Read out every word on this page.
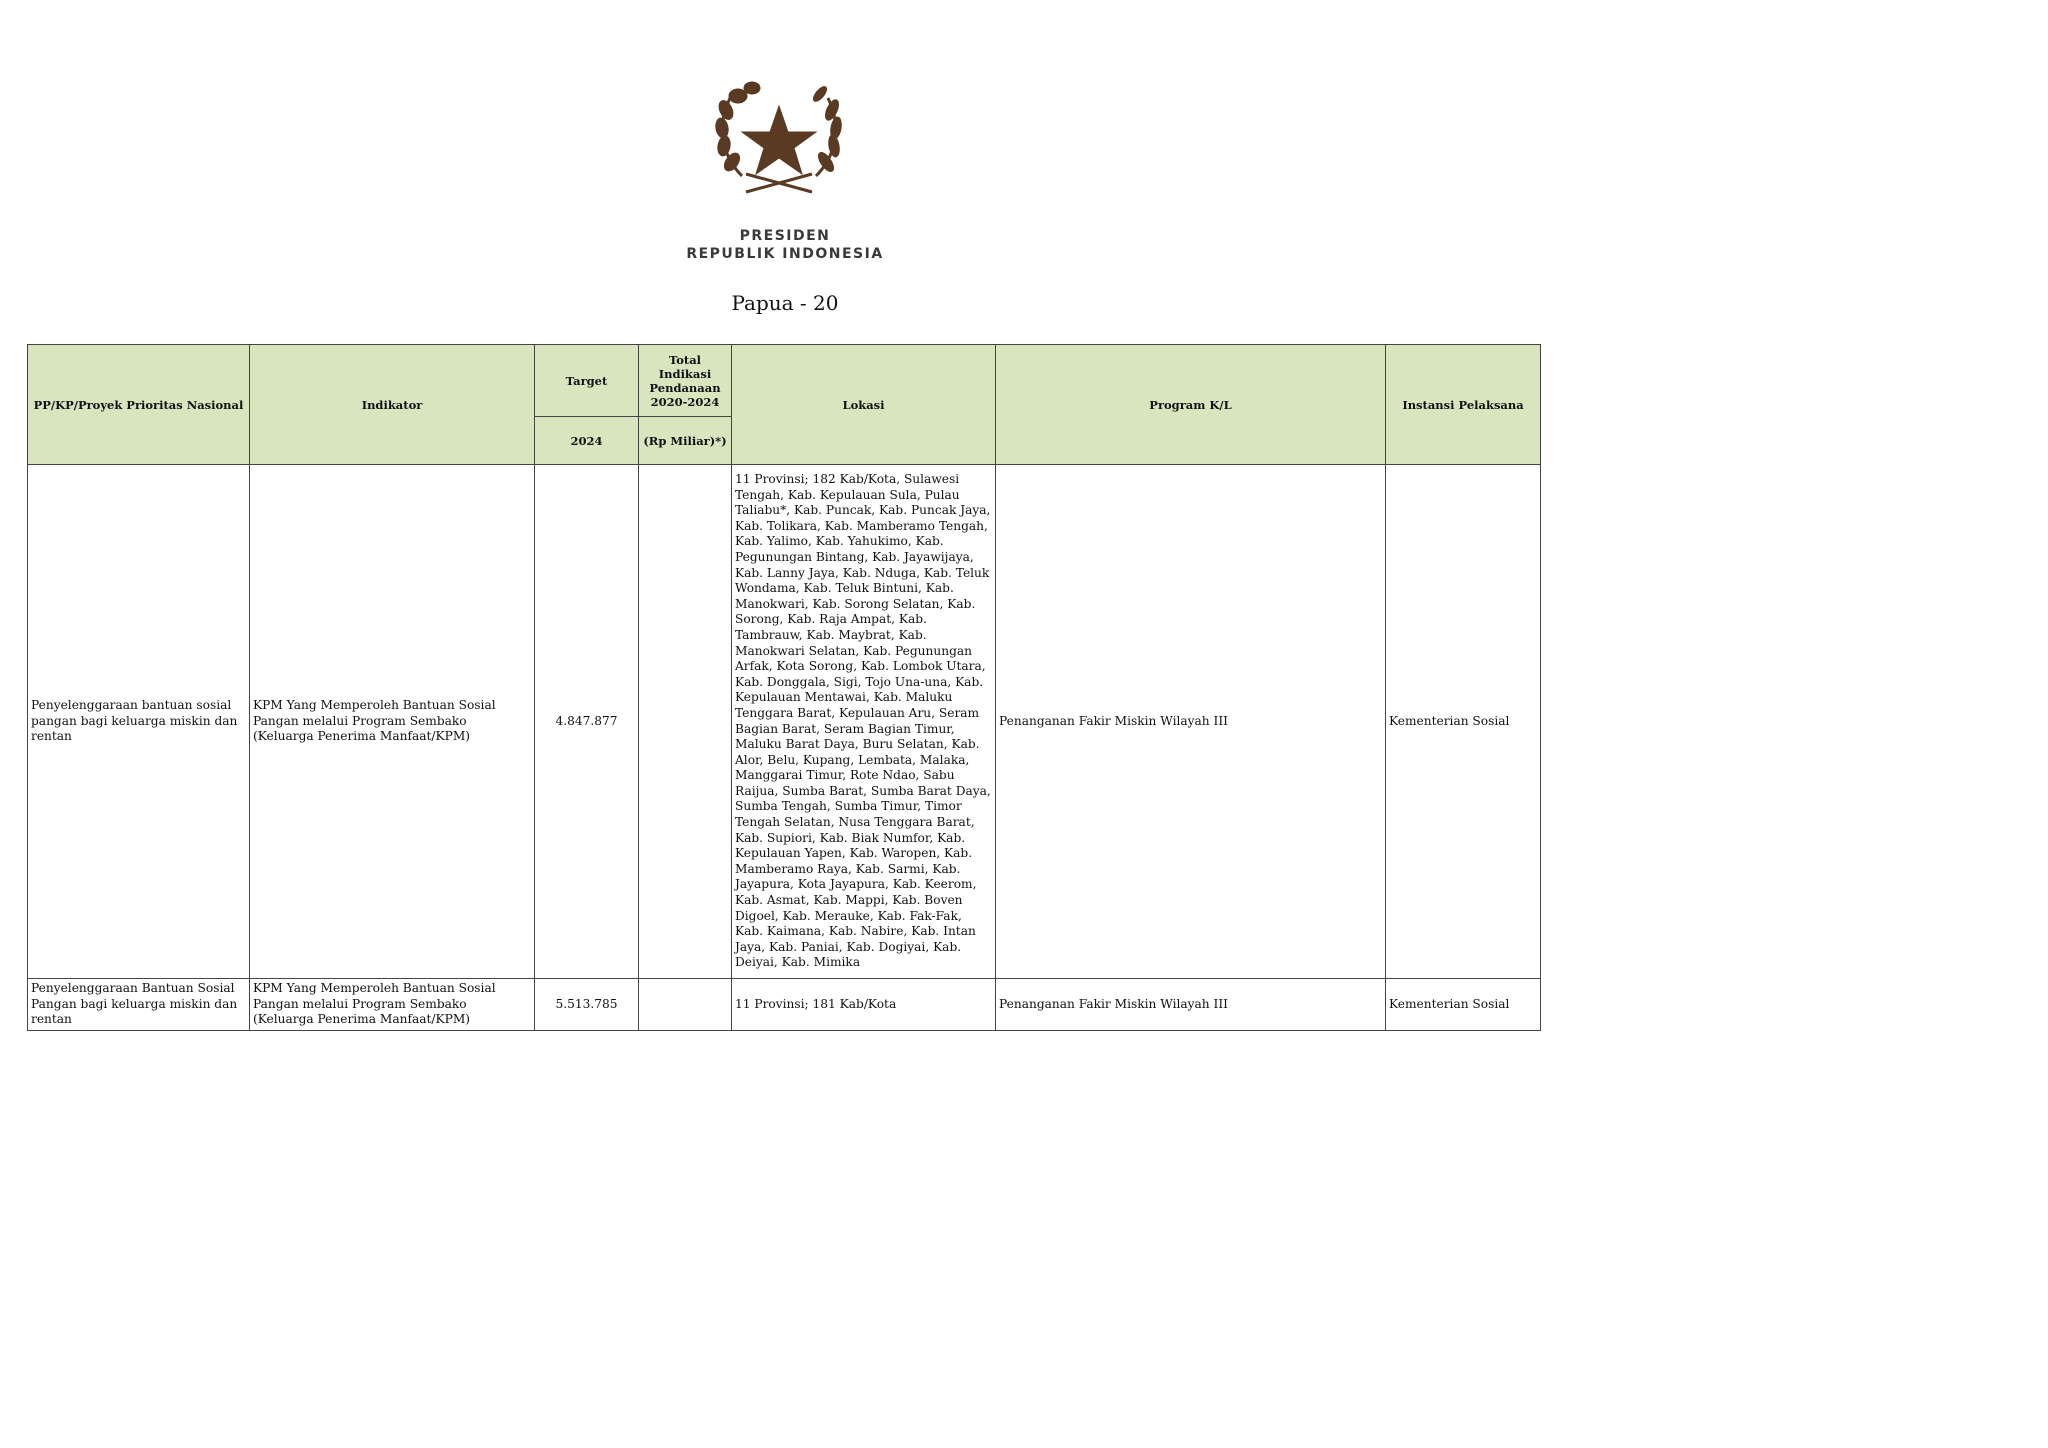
PRESIDEN
REPUBLIK INDONESIA
Papua - 20
PP/KP/Proyek Prioritas Nasional	Indikator	Target	Total Indikasi Pendanaan 2020-2024	Lokasi	Program K/L	Instansi Pelaksana
		2024	(Rp Miliar)*)			
Penyelenggaraan bantuan sosial pangan bagi keluarga miskin dan rentan	KPM Yang Memperoleh Bantuan Sosial Pangan melalui Program Sembako (Keluarga Penerima Manfaat/KPM)	4.847.877		11 Provinsi; 182 Kab/Kota, Sulawesi Tengah, Kab. Kepulauan Sula, Pulau Taliabu*, Kab. Puncak, Kab. Puncak Jaya, Kab. Tolikara, Kab. Mamberamo Tengah, Kab. Yalimo, Kab. Yahukimo, Kab. Pegunungan Bintang, Kab. Jayawijaya, Kab. Lanny Jaya, Kab. Nduga, Kab. Teluk Wondama, Kab. Teluk Bintuni, Kab. Manokwari, Kab. Sorong Selatan, Kab. Sorong, Kab. Raja Ampat, Kab. Tambrauw, Kab. Maybrat, Kab. Manokwari Selatan, Kab. Pegunungan Arfak, Kota Sorong, Kab. Lombok Utara, Kab. Donggala, Sigi, Tojo Una-una, Kab. Kepulauan Mentawai, Kab. Maluku Tenggara Barat, Kepulauan Aru, Seram Bagian Barat, Seram Bagian Timur, Maluku Barat Daya, Buru Selatan, Kab. Alor, Belu, Kupang, Lembata, Malaka, Manggarai Timur, Rote Ndao, Sabu Raijua, Sumba Barat, Sumba Barat Daya, Sumba Tengah, Sumba Timur, Timor Tengah Selatan, Nusa Tenggara Barat, Kab. Supiori, Kab. Biak Numfor, Kab. Kepulauan Yapen, Kab. Waropen, Kab. Mamberamo Raya, Kab. Sarmi, Kab. Jayapura, Kota Jayapura, Kab. Keerom, Kab. Asmat, Kab. Mappi, Kab. Boven Digoel, Kab. Merauke, Kab. Fak-Fak, Kab. Kaimana, Kab. Nabire, Kab. Intan Jaya, Kab. Paniai, Kab. Dogiyai, Kab. Deiyai, Kab. Mimika	Penanganan Fakir Miskin Wilayah III	Kementerian Sosial
Penyelenggaraan Bantuan Sosial Pangan bagi keluarga miskin dan rentan	KPM Yang Memperoleh Bantuan Sosial Pangan melalui Program Sembako (Keluarga Penerima Manfaat/KPM)	5.513.785		11 Provinsi; 181 Kab/Kota	Penanganan Fakir Miskin Wilayah III	Kementerian Sosial
